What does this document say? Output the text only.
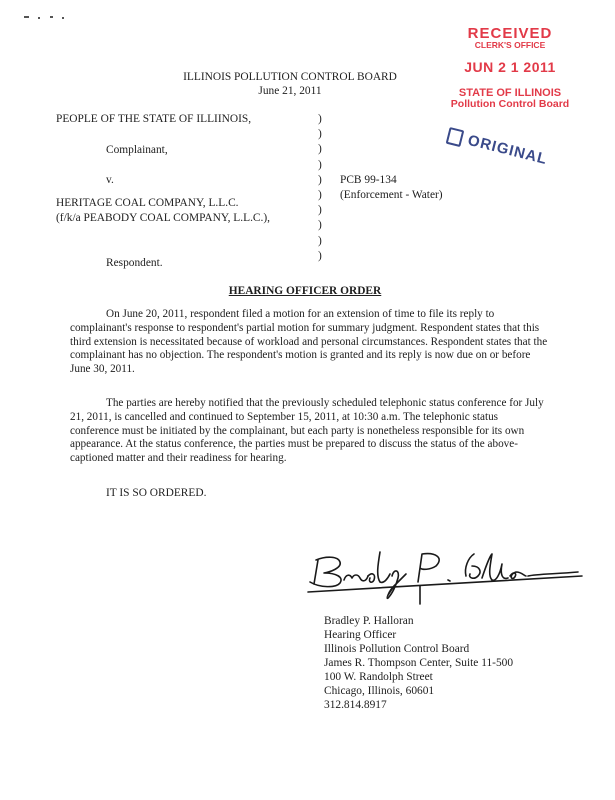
RECEIVED
CLERK'S OFFICE
JUN 2 1 2011
STATE OF ILLINOIS
Pollution Control Board
ORIGINAL
ILLINOIS POLLUTION CONTROL BOARD
June 21, 2011
PEOPLE OF THE STATE OF ILLIINOIS,
Complainant,
v.
HERITAGE COAL COMPANY, L.L.C.
(f/k/a PEABODY COAL COMPANY, L.L.C.),
Respondent.
)
)
)
)
)
)
)
)
)
)
PCB 99-134
(Enforcement - Water)
HEARING OFFICER ORDER
On June 20, 2011, respondent filed a motion for an extension of time to file its reply to complainant's response to respondent's partial motion for summary judgment. Respondent states that this third extension is necessitated because of workload and personal circumstances. Respondent states that the complainant has no objection. The respondent's motion is granted and its reply is now due on or before June 30, 2011.
The parties are hereby notified that the previously scheduled telephonic status conference for July 21, 2011, is cancelled and continued to September 15, 2011, at 10:30 a.m. The telephonic status conference must be initiated by the complainant, but each party is nonetheless responsible for its own appearance. At the status conference, the parties must be prepared to discuss the status of the above-captioned matter and their readiness for hearing.
IT IS SO ORDERED.
Bradley P. Halloran
Hearing Officer
Illinois Pollution Control Board
James R. Thompson Center, Suite 11-500
100 W. Randolph Street
Chicago, Illinois, 60601
312.814.8917
